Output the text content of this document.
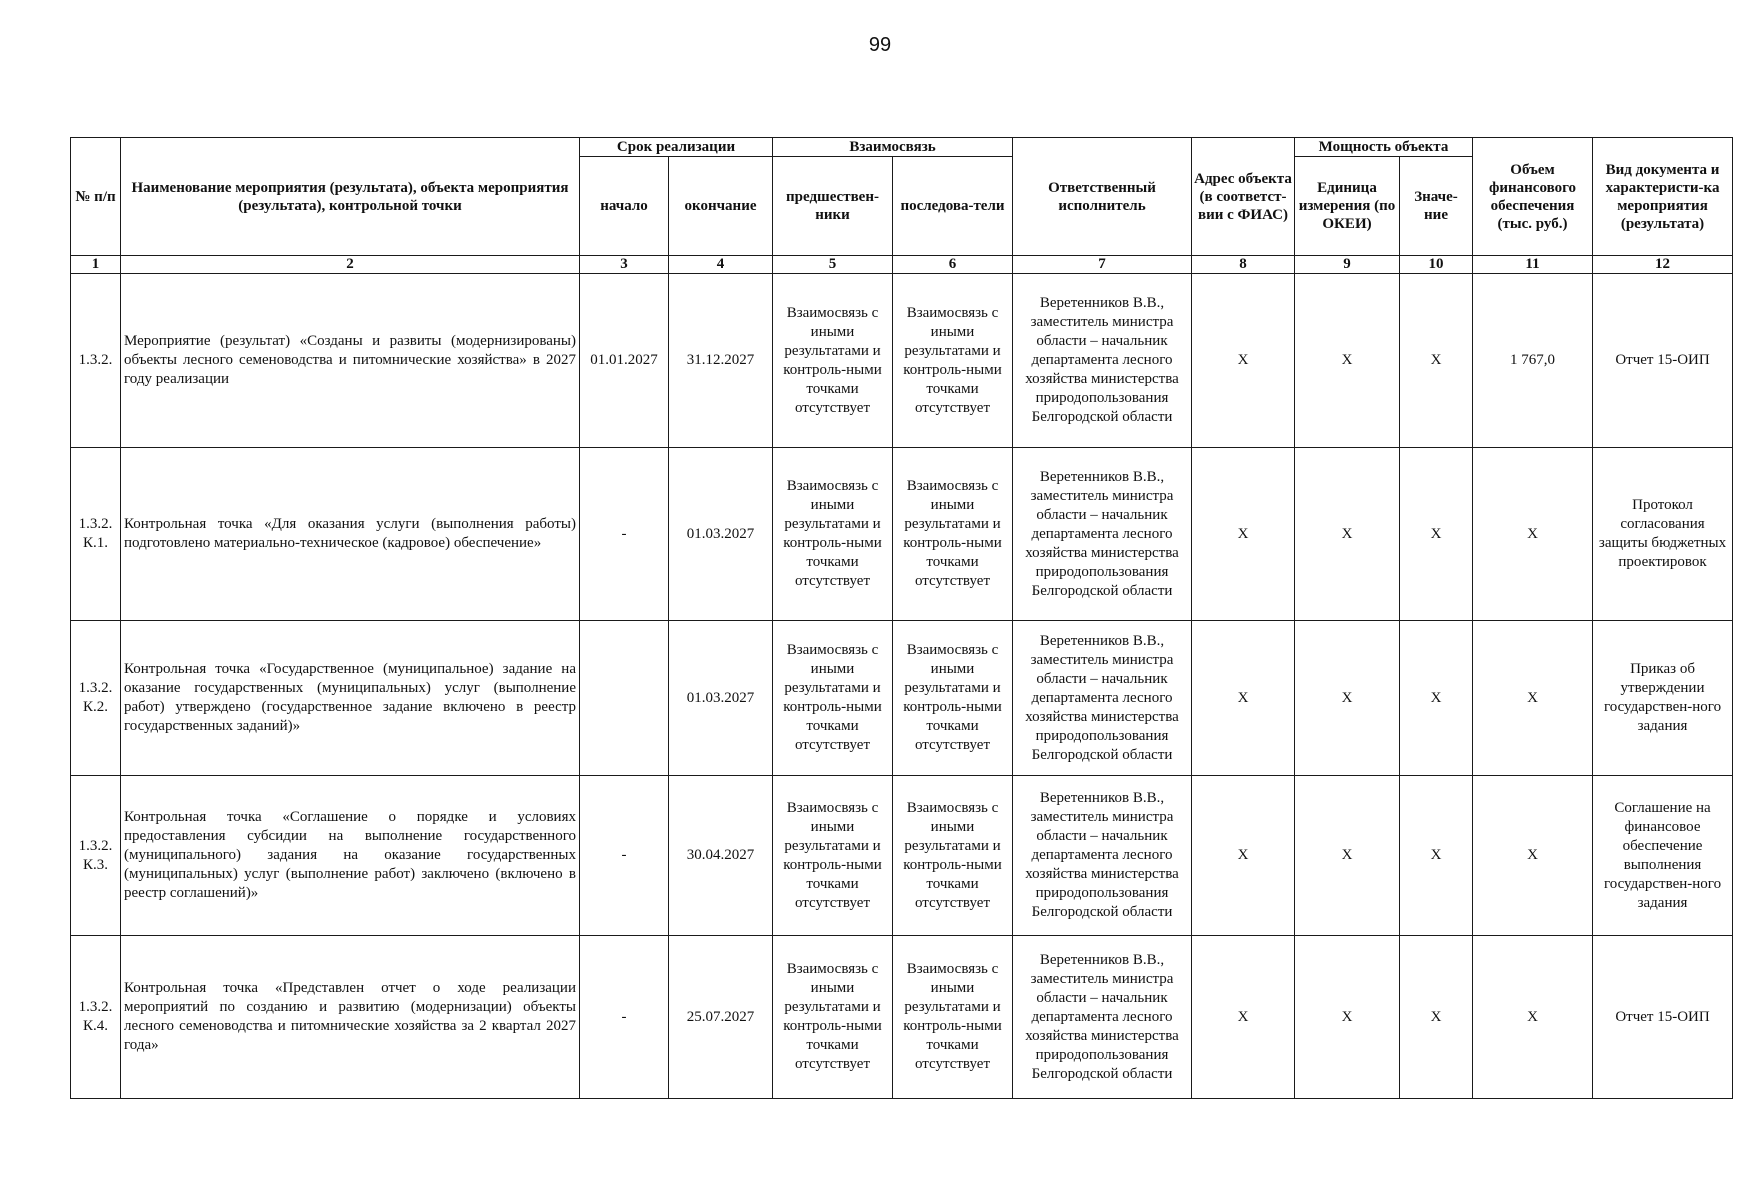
99
№ п/п	Наименование мероприятия (результата), объекта мероприятия (результата), контрольной точки	Срок реализации		Взаимосвязь		Ответственный исполнитель	Адрес объекта (в соответст-вии с ФИАС)	Мощность объекта		Объем финансового обеспечения (тыс. руб.)	Вид документа и характеристи-ка мероприятия (результата)
		начало	окончание	предшествен-ники	последова-тели			Единица измерения (по ОКЕИ)	Значе-ние		
1	2	3	4	5	6	7	8	9	10	11	12
1.3.2.	Мероприятие (результат) «Созданы и развиты (модернизированы) объекты лесного семеноводства и питомнические хозяйства» в 2027 году реализации	01.01.2027	31.12.2027	Взаимосвязь с иными результатами и контроль-ными точками отсутствует	Взаимосвязь с иными результатами и контроль-ными точками отсутствует	Веретенников В.В., заместитель министра области – начальник департамента лесного хозяйства министерства природопользования Белгородской области	Х	Х	Х	1 767,0	Отчет 15-ОИП
1.3.2. К.1.	Контрольная точка «Для оказания услуги (выполнения работы) подготовлено материально-техническое (кадровое) обеспечение»	-	01.03.2027	Взаимосвязь с иными результатами и контроль-ными точками отсутствует	Взаимосвязь с иными результатами и контроль-ными точками отсутствует	Веретенников В.В., заместитель министра области – начальник департамента лесного хозяйства министерства природопользования Белгородской области	Х	Х	Х	Х	Протокол согласования защиты бюджетных проектировок
1.3.2. К.2.	Контрольная точка «Государственное (муниципальное) задание на оказание государственных (муниципальных) услуг (выполнение работ) утверждено (государственное задание включено в реестр государственных заданий)»		01.03.2027	Взаимосвязь с иными результатами и контроль-ными точками отсутствует	Взаимосвязь с иными результатами и контроль-ными точками отсутствует	Веретенников В.В., заместитель министра области – начальник департамента лесного хозяйства министерства природопользования Белгородской области	Х	Х	Х	Х	Приказ об утверждении государствен-ного задания
1.3.2. К.3.	Контрольная точка «Соглашение о порядке и условиях предоставления субсидии на выполнение государственного (муниципального) задания на оказание государственных (муниципальных) услуг (выполнение работ) заключено (включено в реестр соглашений)»	-	30.04.2027	Взаимосвязь с иными результатами и контроль-ными точками отсутствует	Взаимосвязь с иными результатами и контроль-ными точками отсутствует	Веретенников В.В., заместитель министра области – начальник департамента лесного хозяйства министерства природопользования Белгородской области	Х	Х	Х	Х	Соглашение на финансовое обеспечение выполнения государствен-ного задания
1.3.2. К.4.	Контрольная точка «Представлен отчет о ходе реализации мероприятий по созданию и развитию (модернизации) объекты лесного семеноводства и питомнические хозяйства за 2 квартал 2027 года»	-	25.07.2027	Взаимосвязь с иными результатами и контроль-ными точками отсутствует	Взаимосвязь с иными результатами и контроль-ными точками отсутствует	Веретенников В.В., заместитель министра области – начальник департамента лесного хозяйства министерства природопользования Белгородской области	Х	Х	Х	Х	Отчет 15-ОИП
